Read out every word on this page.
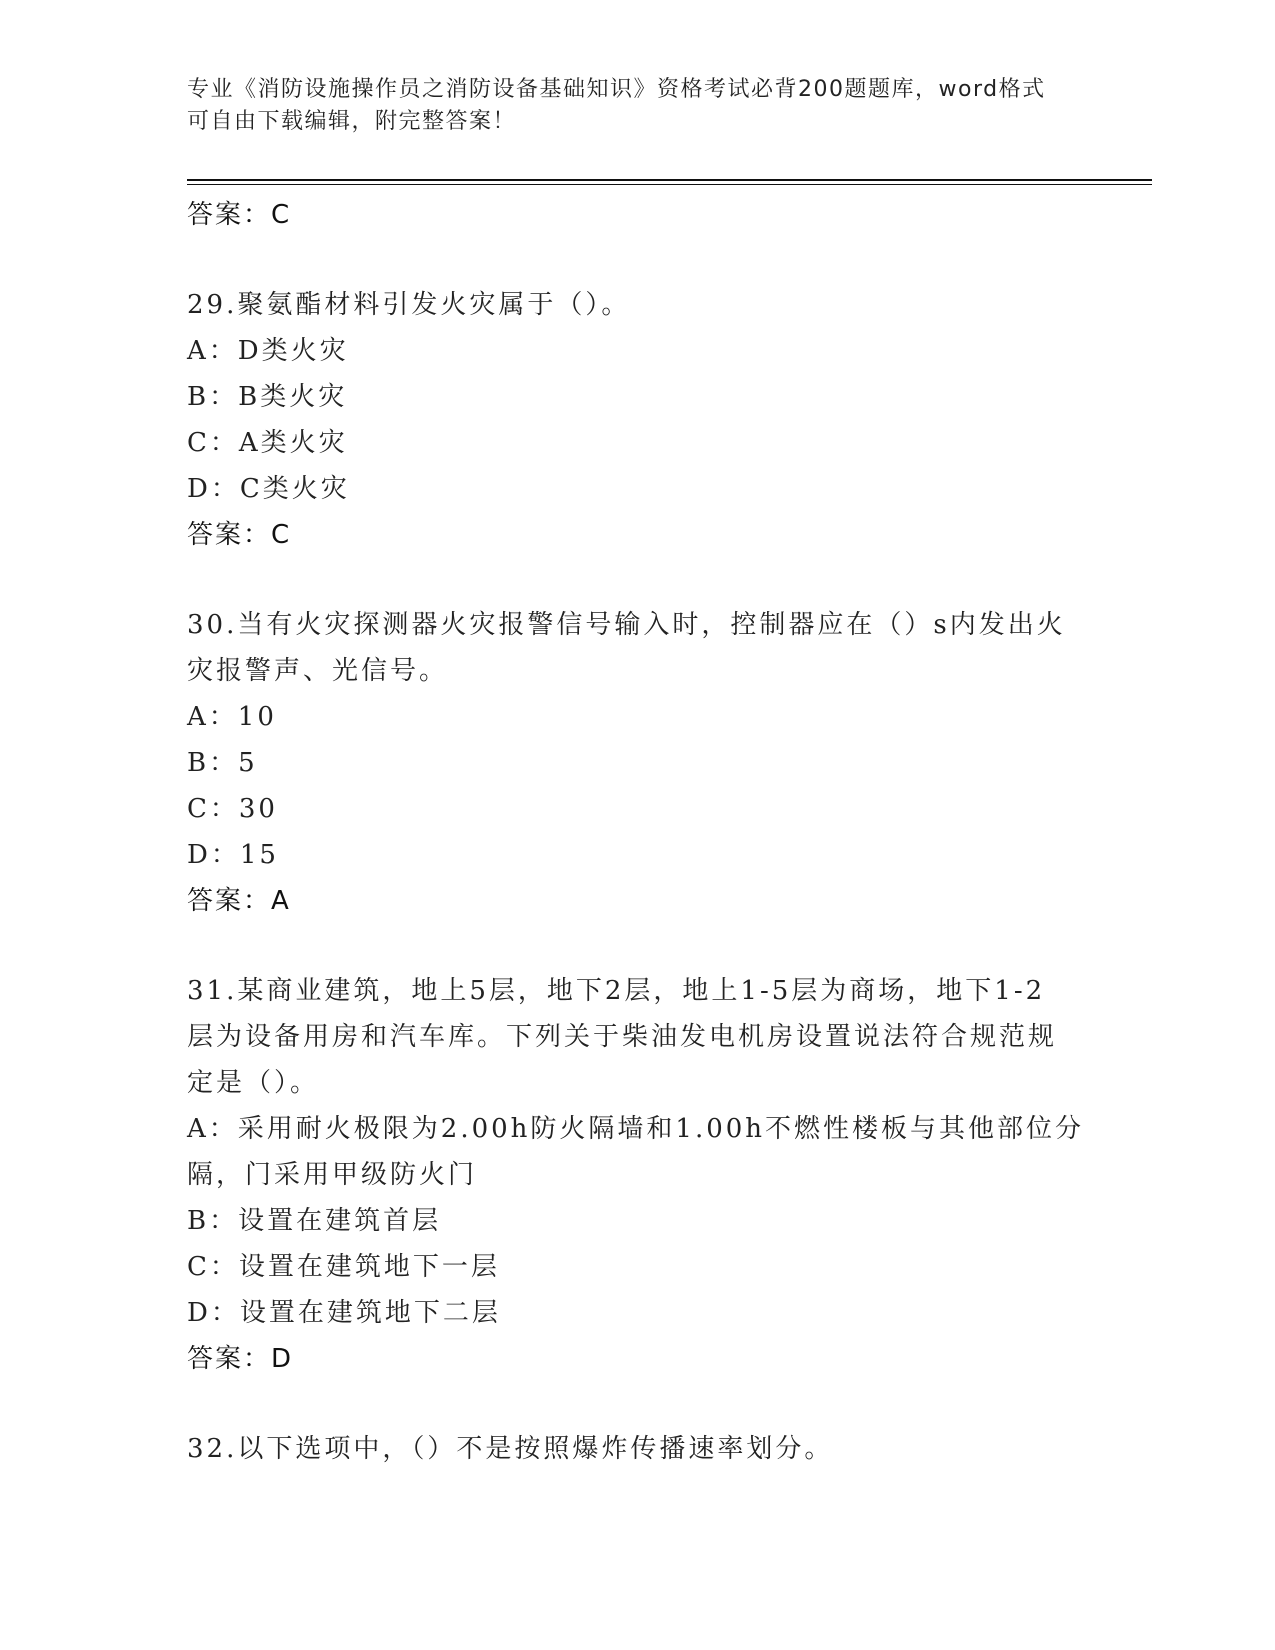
专业《消防设施操作员之消防设备基础知识》资格考试必背200题题库，word格式可自由下载编辑，附完整答案！
答案：C
29.聚氨酯材料引发火灾属于（）。
A：D类火灾
B：B类火灾
C：A类火灾
D：C类火灾
答案：C
30.当有火灾探测器火灾报警信号输入时，控制器应在（）s内发出火
灾报警声、光信号。
A：10
B：5
C：30
D：15
答案：A
31.某商业建筑，地上5层，地下2层，地上1-5层为商场，地下1-2
层为设备用房和汽车库。下列关于柴油发电机房设置说法符合规范规
定是（）。
A：采用耐火极限为2.00h防火隔墙和1.00h不燃性楼板与其他部位分
隔，门采用甲级防火门
B：设置在建筑首层
C：设置在建筑地下一层
D：设置在建筑地下二层
答案：D
32.以下选项中，（）不是按照爆炸传播速率划分。
